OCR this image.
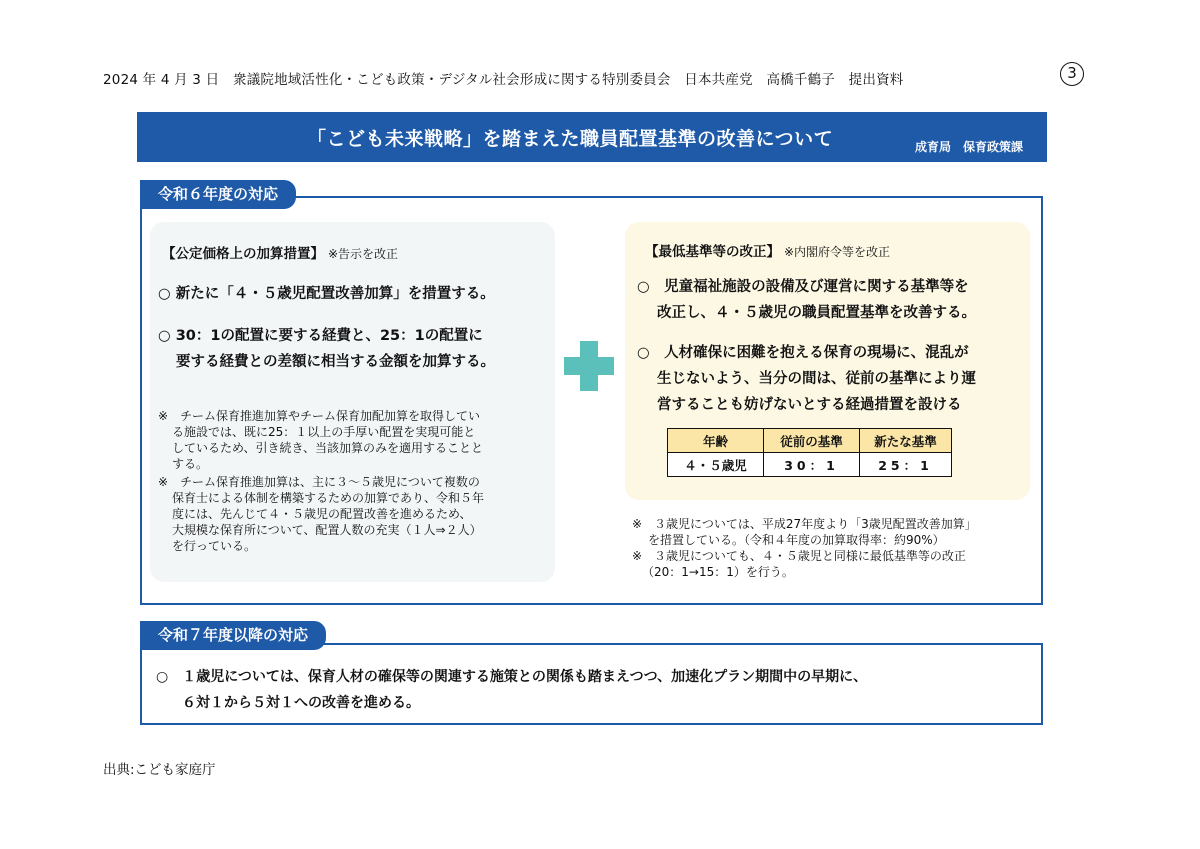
2024 年 4 月 3 日　衆議院地域活性化・こども政策・デジタル社会形成に関する特別委員会　日本共産党　高橋千鶴子　提出資料	3
「こども未来戦略」を踏まえた職員配置基準の改善について	成育局　保育政策課
令和６年度の対応
【公定価格上の加算措置】 ※告示を改正
○ 新たに「４・５歳児配置改善加算」を措置する。
○ 30：1の配置に要する経費と、25：1の配置に
要する経費との差額に相当する金額を加算する。
※　チーム保育推進加算やチーム保育加配加算を取得してい
る施設では、既に25：１以上の手厚い配置を実現可能と
しているため、引き続き、当該加算のみを適用することと
する。
※　チーム保育推進加算は、主に３～５歳児について複数の
保育士による体制を構築するための加算であり、令和５年
度には、先んじて４・５歳児の配置改善を進めるため、
大規模な保育所について、配置人数の充実（１人⇒２人）
を行っている。
【最低基準等の改正】 ※内閣府令等を改正
○　児童福祉施設の設備及び運営に関する基準等を
改正し、４・５歳児の職員配置基準を改善する。
○　人材確保に困難を抱える保育の現場に、混乱が
生じないよう、当分の間は、従前の基準により運
営することも妨げないとする経過措置を設ける
年齢	従前の基準	新たな基準
４・５歳児	30：1	25：1
※　３歳児については、平成27年度より「3歳児配置改善加算」
　を措置している。（令和４年度の加算取得率：約90%）
※　３歳児についても、４・５歳児と同様に最低基準等の改正
　（20：1→15：1）を行う。
令和７年度以降の対応
○　１歳児については、保育人材の確保等の関連する施策との関係も踏まえつつ、加速化プラン期間中の早期に、
６対１から５対１への改善を進める。
出典:こども家庭庁
